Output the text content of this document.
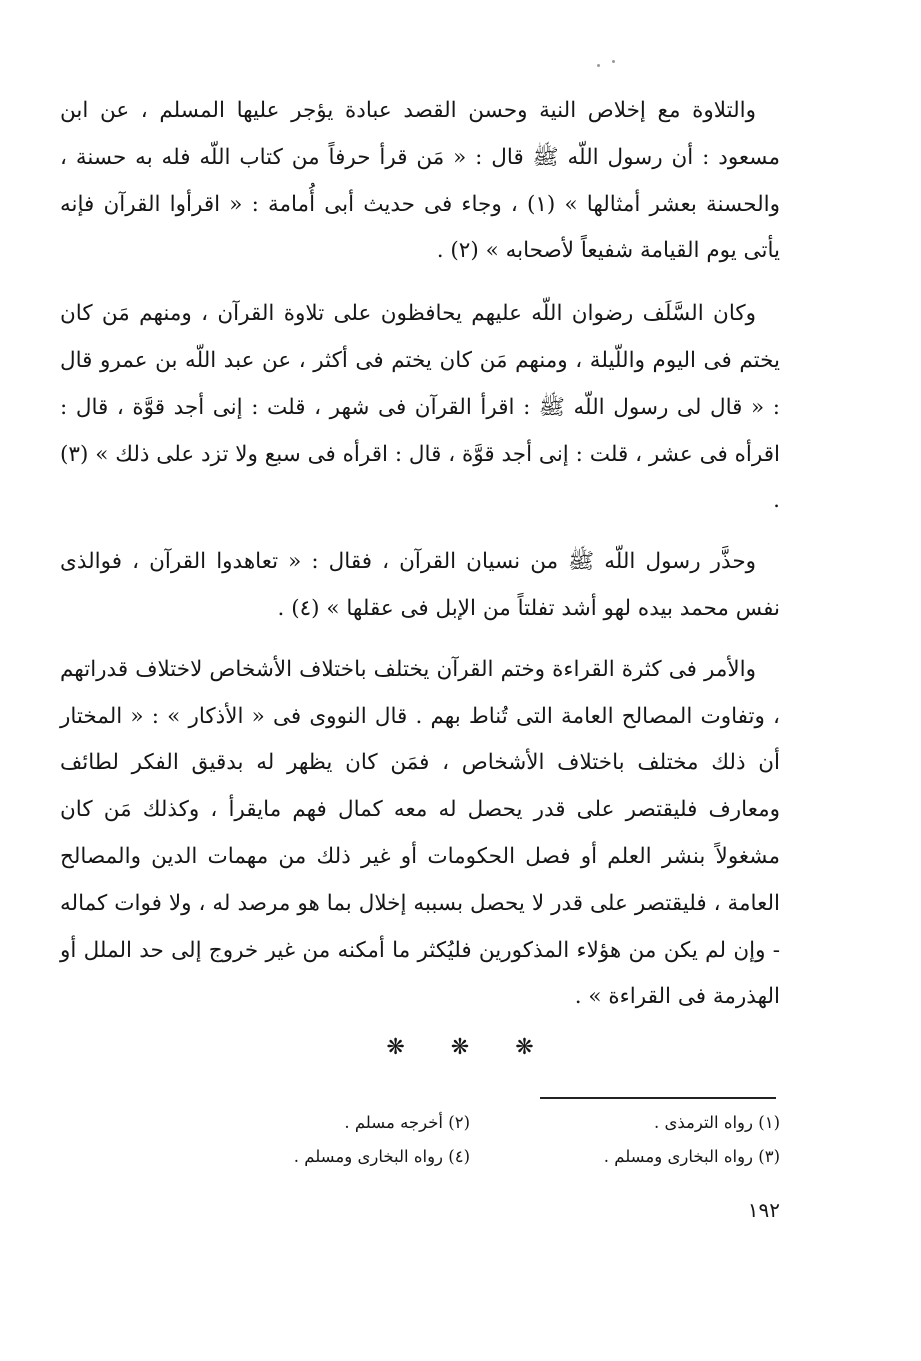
والتلاوة مع إخلاص النية وحسن القصد عبادة يؤجر عليها المسلم ، عن ابن مسعود : أن رسول اللّه ﷺ قال : « مَن قرأ حرفاً من كتاب اللّه فله به حسنة ، والحسنة بعشر أمثالها » (١) ، وجاء فى حديث أبى أُمامة : « اقرأوا القرآن فإنه يأتى يوم القيامة شفيعاً لأصحابه » (٢) .

وكان السَّلَف رضوان اللّه عليهم يحافظون على تلاوة القرآن ، ومنهم مَن كان يختم فى اليوم واللّيلة ، ومنهم مَن كان يختم فى أكثر ، عن عبد اللّه بن عمرو قال : « قال لى رسول اللّه ﷺ : اقرأ القرآن فى شهر ، قلت : إنى أجد قوَّة ، قال : اقرأه فى عشر ، قلت : إنى أجد قوَّة ، قال : اقرأه فى سبع ولا تزد على ذلك » (٣) .

وحذَّر رسول اللّه ﷺ من نسيان القرآن ، فقال : « تعاهدوا القرآن ، فوالذى نفس محمد بيده لهو أشد تفلتاً من الإبل فى عقلها » (٤) .

والأمر فى كثرة القراءة وختم القرآن يختلف باختلاف الأشخاص لاختلاف قدراتهم ، وتفاوت المصالح العامة التى تُناط بهم . قال النووى فى « الأذكار » : « المختار أن ذلك مختلف باختلاف الأشخاص ، فمَن كان يظهر له بدقيق الفكر لطائف ومعارف فليقتصر على قدر يحصل له معه كمال فهم مايقرأ ، وكذلك مَن كان مشغولاً بنشر العلم أو فصل الحكومات أو غير ذلك من مهمات الدين والمصالح العامة ، فليقتصر على قدر لا يحصل بسببه إخلال بما هو مرصد له ، ولا فوات كماله - وإن لم يكن من هؤلاء المذكورين فليُكثر ما أمكنه من غير خروج إلى حد الملل أو الهذرمة فى القراءة » .

❋ ❋ ❋
(١) رواه الترمذى .
(٢) أخرجه مسلم .
(٣) رواه البخارى ومسلم .
(٤) رواه البخارى ومسلم .
١٩٢
